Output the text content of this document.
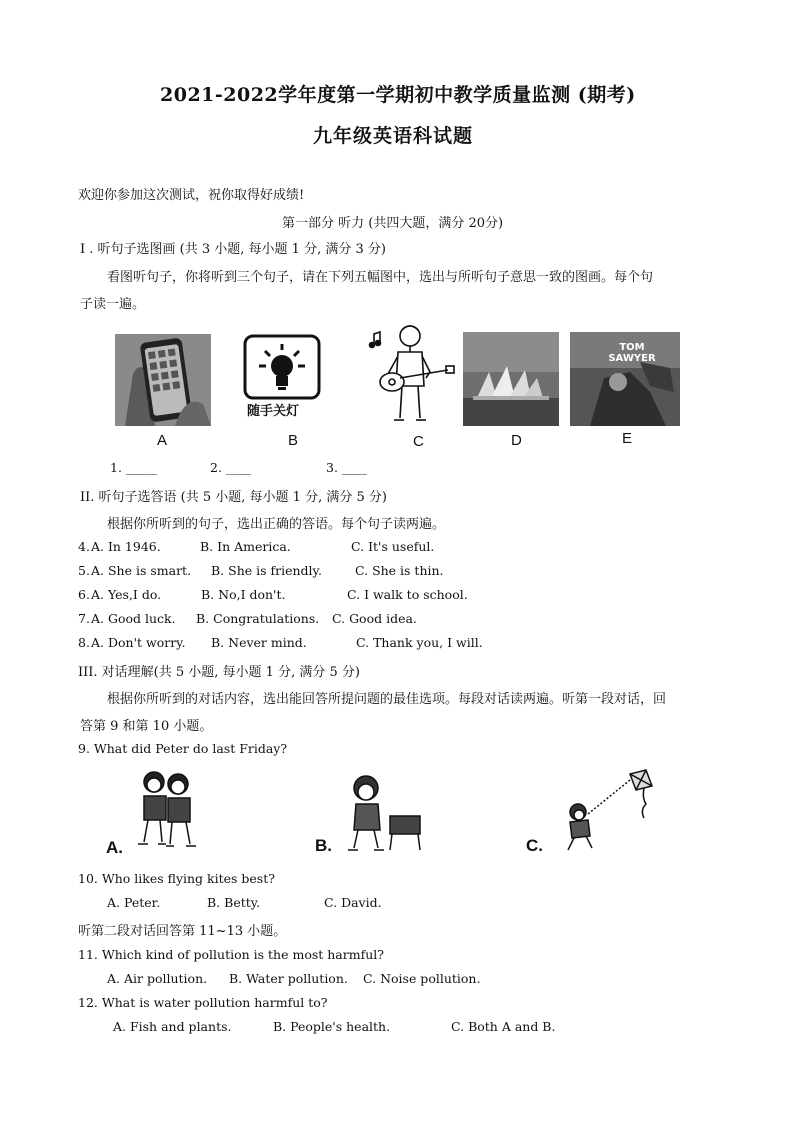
2021-2022学年度第一学期初中教学质量监测 (期考)
九年级英语科试题
欢迎你参加这次测试，祝你取得好成绩!
第一部分 听力 (共四大题，满分 20分)
I . 听句子选图画 (共 3 小题, 每小题 1 分, 满分 3 分)
看图听句子，你将听到三个句子，请在下列五幅图中，选出与所听句子意思一致的图画。每个句
子读一遍。
A
随手关灯
B	C	D
TOM SAWYER
E
1. _____	2. ____	3. ____
II. 听句子选答语 (共 5 小题, 每小题 1 分, 满分 5 分)
根据你所听到的句子，选出正确的答语。每个句子读两遍。
4. A. In 1946.	B. In America.	C. It's useful.
5. A. She is smart. B. She is friendly.	C. She is thin.
6. A. Yes,I do.	B. No,I don't.	C. I walk to school.
7. A. Good luck. B. Congratulations. C. Good idea.
8. A. Don't worry. B. Never mind.	C. Thank you, I will.
III. 对话理解(共 5 小题, 每小题 1 分, 满分 5 分)
根据你所听到的对话内容，选出能回答所提问题的最佳选项。每段对话读两遍。听第一段对话，回
答第 9 和第 10 小题。
9. What did Peter do last Friday?
A.	B.	C.
10. Who likes flying kites best?
A. Peter.	B. Betty.	C. David.
听第二段对话回答第 11~13 小题。
11. Which kind of pollution is the most harmful?
A. Air pollution. B. Water pollution. C. Noise pollution.
12. What is water pollution harmful to?
A. Fish and plants.	B. People's health.	C. Both A and B.
